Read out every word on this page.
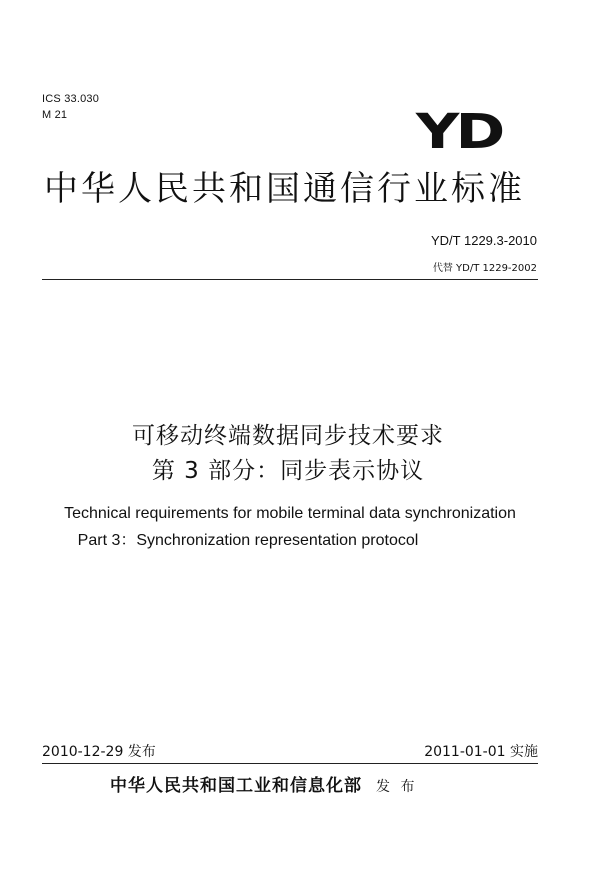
ICS 33.030
M 21	YD
中华人民共和国通信行业标准
YD/T 1229.3-2010
代替 YD/T 1229-2002
可移动终端数据同步技术要求
第 3 部分：同步表示协议
Technical requirements for mobile terminal data synchronization
Part 3：Synchronization representation protocol
2010-12-29 发布	2011-01-01 实施
中华人民共和国工业和信息化部 发 布
